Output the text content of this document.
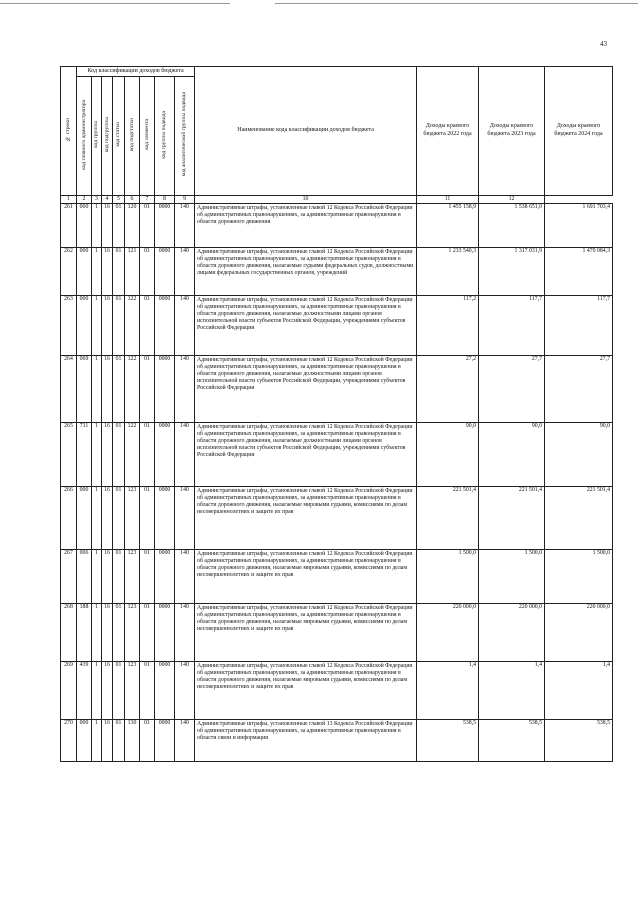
43
№ строки	Код классификации доходов бюджета								Наименование кода классификации доходов бюджета	Доходы краевого бюджета 2022 года	Доходы краевого бюджета 2023 года	Доходы краевого бюджета 2024 года
	код главного администратора	код группы	код подгруппы	код статьи	код подстатьи	код элемента	код группы подвида	код аналитической группы подвида				
1	2	3	4	5	6	7	8	9	10	11	12	
261	000	1	16	01	120	01	0000	140	Административные штрафы, установленные главой 12 Кодекса Российской Федерации об административных правонарушениях, за административные правонарушения в области дорожного движения	1 455 158,9	1 538 651,0	1 691 703,4
262	000	1	16	01	121	01	0000	140	Административные штрафы, установленные главой 12 Кодекса Российской Федерации об административных правонарушениях, за административные правонарушения в области дорожного движения, налагаемые судьями федеральных судов, должностными лицами федеральных государственных органов, учреждений	1 233 540,3	1 317 031,9	1 470 084,3
263	000	1	16	01	122	01	0000	140	Административные штрафы, установленные главой 12 Кодекса Российской Федерации об административных правонарушениях, за административные правонарушения в области дорожного движения, налагаемые должностными лицами органов исполнительной власти субъектов Российской Федерации, учреждениями субъектов Российской Федерации	117,2	117,7	117,7
264	069	1	16	01	122	01	0000	140	Административные штрафы, установленные главой 12 Кодекса Российской Федерации об административных правонарушениях, за административные правонарушения в области дорожного движения, налагаемые должностными лицами органов исполнительной власти субъектов Российской Федерации, учреждениями субъектов Российской Федерации	27,2	27,7	27,7
265	711	1	16	01	122	01	0000	140	Административные штрафы, установленные главой 12 Кодекса Российской Федерации об административных правонарушениях, за административные правонарушения в области дорожного движения, налагаемые должностными лицами органов исполнительной власти субъектов Российской Федерации, учреждениями субъектов Российской Федерации	90,0	90,0	90,0
266	000	1	16	01	123	01	0000	140	Административные штрафы, установленные главой 12 Кодекса Российской Федерации об административных правонарушениях, за административные правонарушения в области дорожного движения, налагаемые мировыми судьями, комиссиями по делам несовершеннолетних и защите их прав	221 501,4	221 501,4	221 501,4
267	006	1	16	01	123	01	0000	140	Административные штрафы, установленные главой 12 Кодекса Российской Федерации об административных правонарушениях, за административные правонарушения в области дорожного движения, налагаемые мировыми судьями, комиссиями по делам несовершеннолетних и защите их прав	1 500,0	1 500,0	1 500,0
268	188	1	16	01	123	01	0000	140	Административные штрафы, установленные главой 12 Кодекса Российской Федерации об административных правонарушениях, за административные правонарушения в области дорожного движения, налагаемые мировыми судьями, комиссиями по делам несовершеннолетних и защите их прав	220 000,0	220 000,0	220 000,0
269	439	1	16	01	123	01	0000	140	Административные штрафы, установленные главой 12 Кодекса Российской Федерации об административных правонарушениях, за административные правонарушения в области дорожного движения, налагаемые мировыми судьями, комиссиями по делам несовершеннолетних и защите их прав	1,4	1,4	1,4
270	000	1	16	01	130	01	0000	140	Административные штрафы, установленные главой 13 Кодекса Российской Федерации об административных правонарушениях, за административные правонарушения в области связи и информации	538,5	538,5	538,5
